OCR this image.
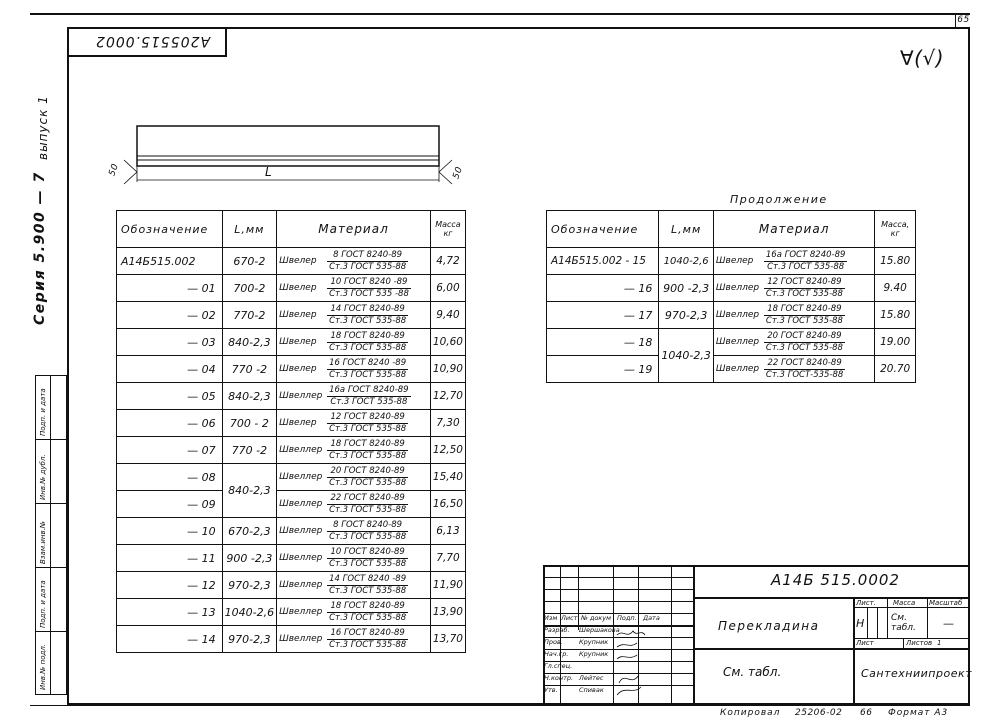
65
А205515.0002
∀(√)
выпуск 1
Серия 5.900 — 7
Подп. и дата
Инв.№ дубл.
Взам.инв.№
Подп. и дата
Инв.№ подл.
50	50
L
Обозначение	L,мм	Материал	Масса кг
А14Б515.002	670-2	Швелер
8 ГОСТ 8240-89
Ст.3 ГОСТ 535-88	4,72
— 01	700-2	Швелер
10 ГОСТ 8240 -89
Ст.3 ГОСТ 535 -88	6,00
— 02	770-2	Швелер
14 ГОСТ 8240-89
Ст.3 ГОСТ 535-88	9,40
— 03	840-2,3	Швелер
18 ГОСТ 8240-89
Ст.3 ГОСТ 535-88	10,60
— 04	770 -2	Швелер
16 ГОСТ 8240 -89
Ст.3 ГОСТ 535-88	10,90
— 05	840-2,3	Швеллер
16а ГОСТ 8240-89
Ст.3 ГОСТ 535-88	12,70
— 06	700 - 2	Швелер
12 ГОСТ 8240-89
Ст.3 ГОСТ 535-88	7,30
— 07	770 -2	Швеллер
18 ГОСТ 8240-89
Ст.3 ГОСТ 535-88	12,50
— 08	840-2,3	Швеллер
20 ГОСТ 8240-89
Ст.3 ГОСТ 535-88	15,40
— 09		Швеллер
22 ГОСТ 8240-89
Ст.3 ГОСТ 535-88	16,50
— 10	670-2,3	Швеллер
8 ГОСТ 8240-89
Ст.3 ГОСТ 535-88	6,13
— 11	900 -2,3	Швеллер
10 ГОСТ 8240-89
Ст.3 ГОСТ 535-88	7,70
— 12	970-2,3	Швеллер
14 ГОСТ 8240 -89
Ст.3 ГОСТ 535-88	11,90
— 13	1040-2,6	Швеллер
18 ГОСТ 8240-89
Ст.3 ГОСТ 535-88	13,90
— 14	970-2,3	Швеллер
16 ГОСТ 8240-89
Ст.3 ГОСТ 535-88	13,70
Продолжение
Обозначение	L,мм	Материал	Масса, кг
А14Б515.002 - 15	1040-2,6	Швелер
16а ГОСТ 8240-89
Ст.3 ГОСТ 535-88	15.80
— 16	900 -2,3	Швеллер
12 ГОСТ 8240-89
Ст.3 ГОСТ 535-88	9.40
— 17	970-2,3	Швеллер
18 ГОСТ 8240-89
Ст.3 ГОСТ 535-88	15.80
— 18	1040-2,3	Швеллер
20 ГОСТ 8240-89
Ст.3 ГОСТ 535-88	19.00
— 19		Швеллер
22 ГОСТ 8240-89
Ст.3 ГОСТ-535-88	20.70
Изм Лист № докум Подп. Дата
Разраб. Шершакова
Пров. Крупник
Нач.гр. Крупник
Гл.спец.
Н.контр. Лейтес
Утв.	Спивак
А14Б 515.0002
Перекладина
См. табл.
Лист. Масса Масштаб
Н	См. табл.	—
Лист	Листов 1
Сантехниипроект
Копировал 25206-02 66 Формат А3
